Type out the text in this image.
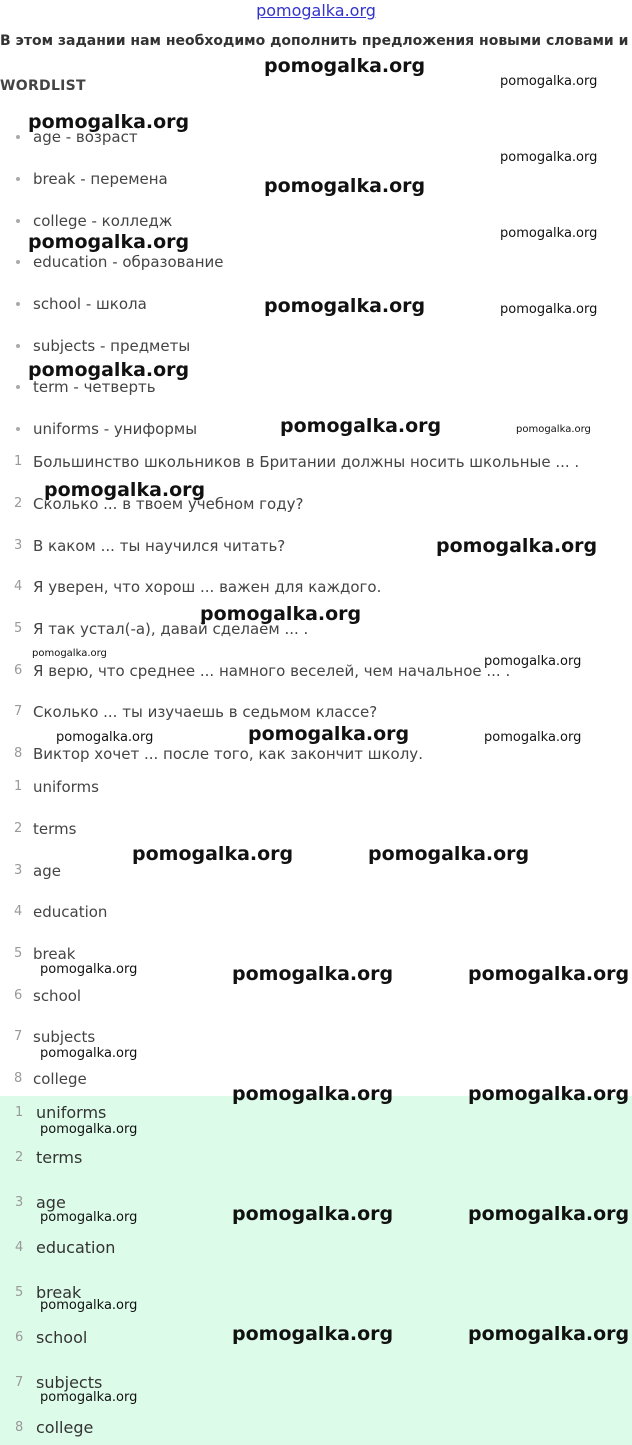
pomogalka.org
В этом задании нам необходимо дополнить предложения новыми словами и
WORDLIST
age - возраст
break - перемена
college - колледж
education - образование
school - школа
subjects - предметы
term - четверть
uniforms - униформы
1 Большинство школьников в Британии должны носить школьные ... .
2 Сколько ... в твоем учебном году?
3 В каком ... ты научился читать?
4 Я уверен, что хорош ... важен для каждого.
5 Я так устал(-а), давай сделаем ... .
6 Я верю, что среднее ... намного веселей, чем начальное ... .
7 Сколько ... ты изучаешь в седьмом классе?
8 Виктор хочет ... после того, как закончит школу.
1 uniforms
2 terms
3 age
4 education
5 break
6 school
7 subjects
8 college
1 uniforms
2 terms
3 age
4 education
5 break
6 school
7 subjects
8 college
pomogalka.org
pomogalka.org
pomogalka.org
pomogalka.org
pomogalka.org
pomogalka.org	pomogalka.org
pomogalka.org	pomogalka.org
pomogalka.org
pomogalka.org	pomogalka.org
pomogalka.org
pomogalka.org
pomogalka.org
pomogalka.org
pomogalka.org
pomogalka.org	pomogalka.org	pomogalka.org
pomogalka.org	pomogalka.org
pomogalka.org	pomogalka.org	pomogalka.org
pomogalka.org
pomogalka.org	pomogalka.org
pomogalka.org
pomogalka.org	pomogalka.org	pomogalka.org
pomogalka.org
pomogalka.org	pomogalka.org
pomogalka.org
